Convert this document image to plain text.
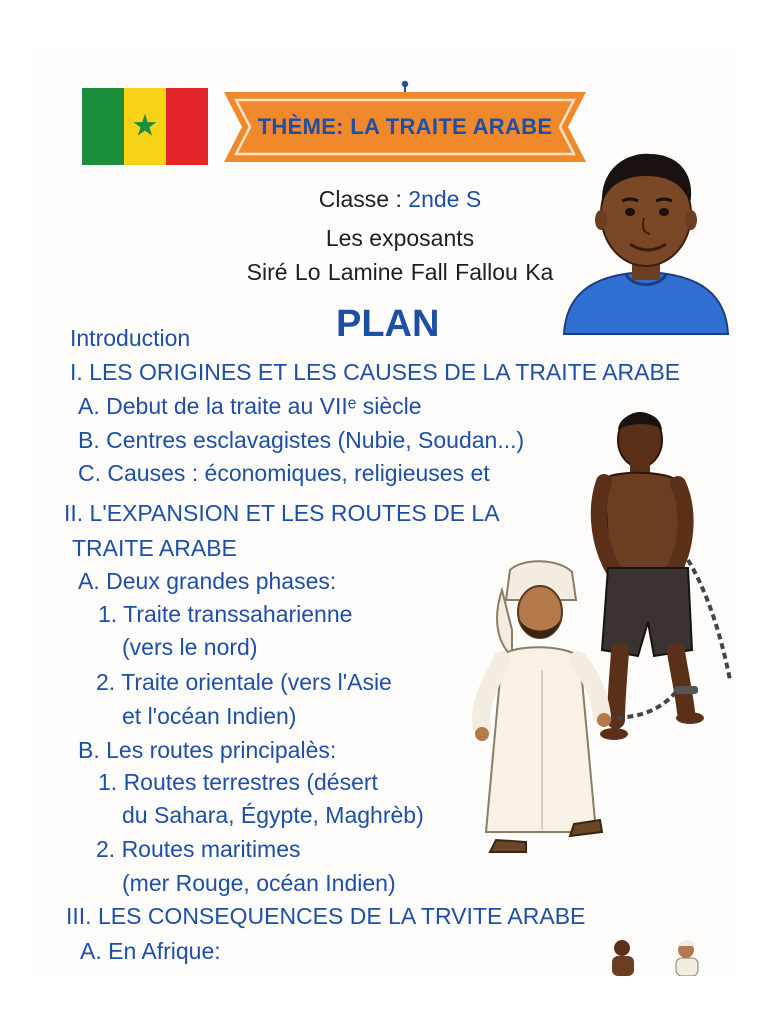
★	THÈME: LA TRAITE ARABE
Classe : 2nde S
Les exposants
Siré Lo Lamine Fall Fallou Ka
PLAN
Introduction
I. LES ORIGINES ET LES CAUSES DE LA TRAITE ARABE
A. Debut de la traite au VIIᵉ siècle
B. Centres esclavagistes (Nubie, Soudan...)
C. Causes : économiques, religieuses et
II. L'EXPANSION ET LES ROUTES DE LA
TRAITE ARABE
A. Deux grandes phases:
1. Traite transsaharienne
(vers le nord)
2. Traite orientale (vers l'Asie
et l'océan Indien)
B. Les routes principalès:
1. Routes terrestres (désert
du Sahara, Égypte, Maghrèb)
2. Routes maritimes
(mer Rouge, océan Indien)
III. LES CONSEQUENCES DE LA TRVITE ARABE
A. En Afrique:
